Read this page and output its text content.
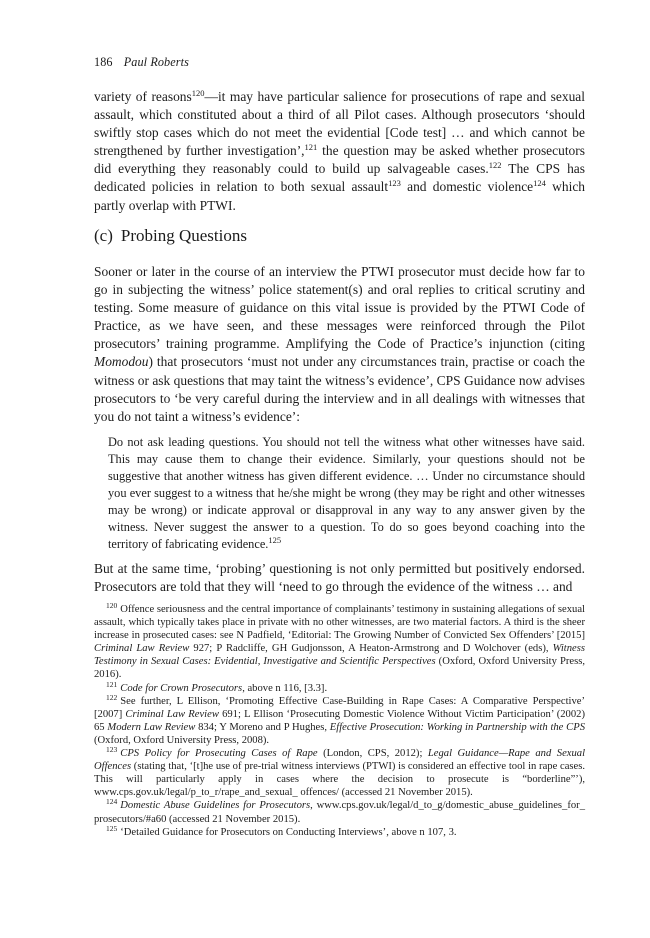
186 Paul Roberts

variety of reasons$^{120}$—it may have particular salience for prosecutions of rape and sexual assault, which constituted about a third of all Pilot cases. Although prosecutors ‘should swiftly stop cases which do not meet the evidential [Code test] … and which cannot be strengthened by further investigation’,$^{121}$ the question may be asked whether prosecutors did everything they reasonably could to build up salvageable cases.$^{122}$ The CPS has dedicated policies in relation to both sexual assault$^{123}$ and domestic violence$^{124}$ which partly overlap with PTWI.

(c) Probing Questions

Sooner or later in the course of an interview the PTWI prosecutor must decide how far to go in subjecting the witness’ police statement(s) and oral replies to critical scrutiny and testing. Some measure of guidance on this vital issue is provided by the PTWI Code of Practice, as we have seen, and these messages were reinforced through the Pilot prosecutors’ training programme. Amplifying the Code of Practice’s injunction (citing Momodou) that prosecutors ‘must not under any circumstances train, practise or coach the witness or ask questions that may taint the witness’s evidence’, CPS Guidance now advises prosecutors to ‘be very careful during the interview and in all dealings with witnesses that you do not taint a witness’s evidence’:

Do not ask leading questions. You should not tell the witness what other witnesses have said. This may cause them to change their evidence. Similarly, your questions should not be suggestive that another witness has given different evidence. … Under no circumstance should you ever suggest to a witness that he/she might be wrong (they may be right and other witnesses may be wrong) or indicate approval or disapproval in any way to any answer given by the witness. Never suggest the answer to a question. To do so goes beyond coaching into the territory of fabricating evidence.$^{125}$

But at the same time, ‘probing’ questioning is not only permitted but positively endorsed. Prosecutors are told that they will ‘need to go through the evidence of the witness … and

$^{120}$ Offence seriousness and the central importance of complainants’ testimony in sustaining allegations of sexual assault, which typically takes place in private with no other witnesses, are two material factors. A third is the sheer increase in prosecuted cases: see N Padfield, ‘Editorial: The Growing Number of Convicted Sex Offenders’ [2015] Criminal Law Review 927; P Radcliffe, GH Gudjonsson, A Heaton-Armstrong and D Wolchover (eds), Witness Testimony in Sexual Cases: Evidential, Investigative and Scientific Perspectives (Oxford, Oxford University Press, 2016).

$^{121}$ Code for Crown Prosecutors, above n 116, [3.3].

$^{122}$ See further, L Ellison, ‘Promoting Effective Case-Building in Rape Cases: A Comparative Perspective’ [2007] Criminal Law Review 691; L Ellison ‘Prosecuting Domestic Violence Without Victim Participation’ (2002) 65 Modern Law Review 834; Y Moreno and P Hughes, Effective Prosecution: Working in Partnership with the CPS (Oxford, Oxford University Press, 2008).

$^{123}$ CPS Policy for Prosecuting Cases of Rape (London, CPS, 2012); Legal Guidance—Rape and Sexual Offences (stating that, ‘[t]he use of pre-trial witness interviews (PTWI) is considered an effective tool in rape cases. This will particularly apply in cases where the decision to prosecute is “borderline”’), www.cps.gov.uk/legal/p_to_r/rape_and_sexual_ offences/ (accessed 21 November 2015).

$^{124}$ Domestic Abuse Guidelines for Prosecutors, www.cps.gov.uk/legal/d_to_g/domestic_abuse_guidelines_for_ prosecutors/#a60 (accessed 21 November 2015).

$^{125}$ ‘Detailed Guidance for Prosecutors on Conducting Interviews’, above n 107, 3.
